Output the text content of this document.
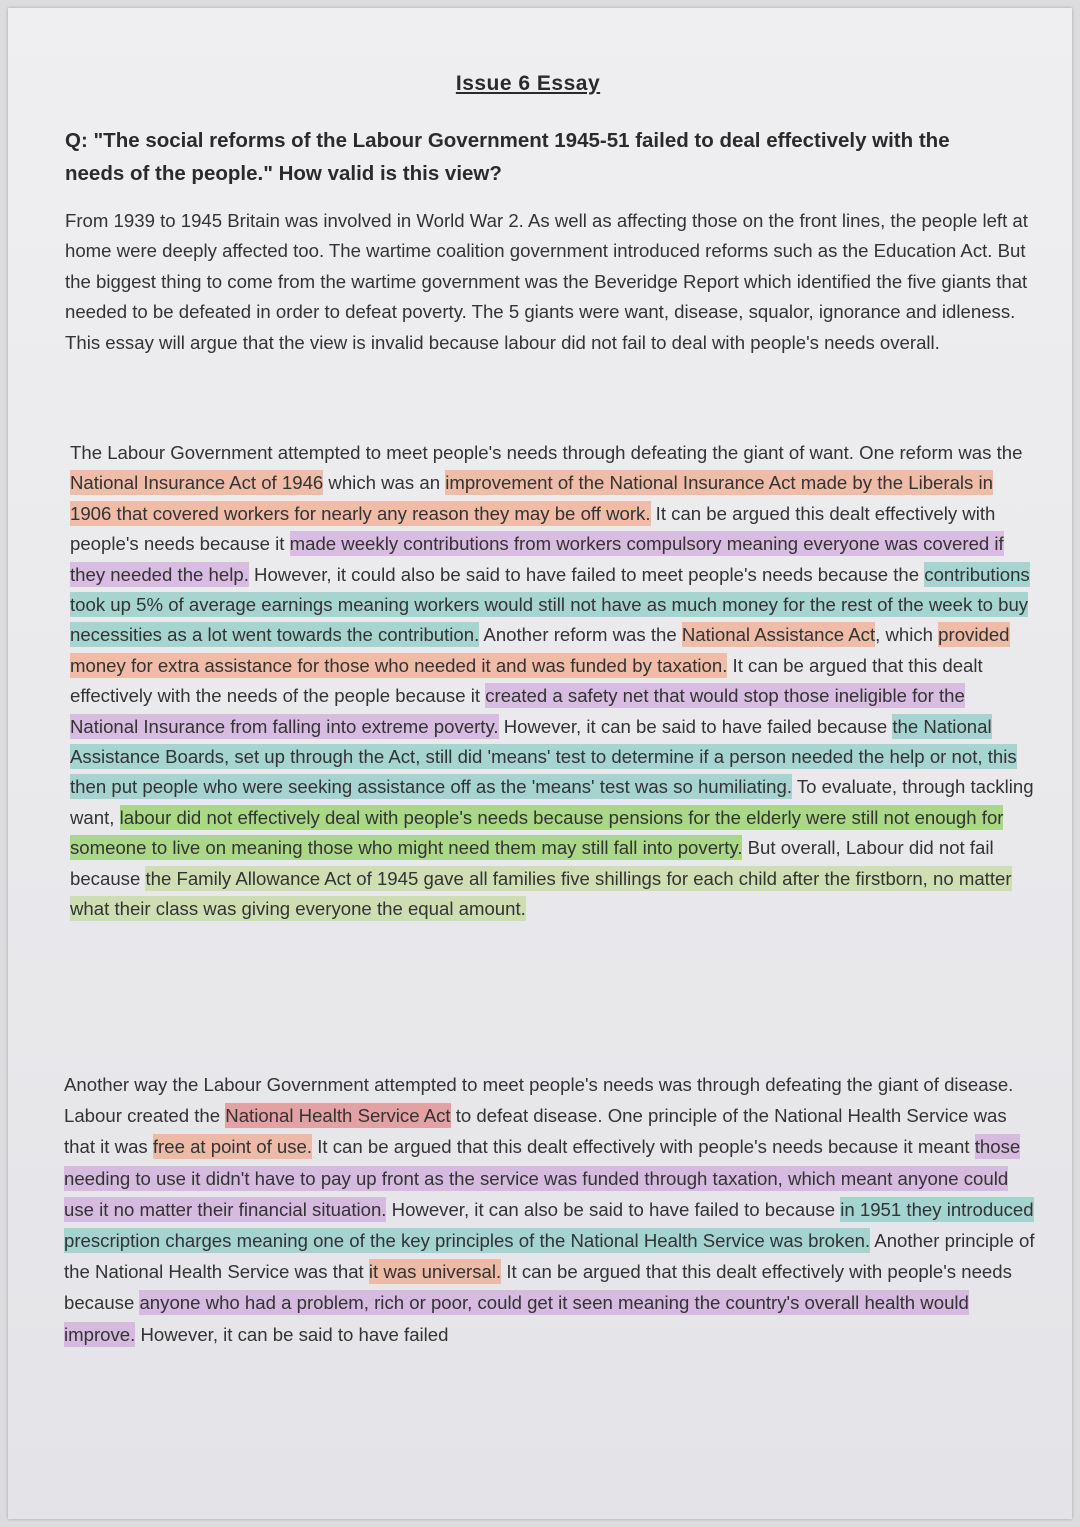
Issue 6 Essay
Q: "The social reforms of the Labour Government 1945-51 failed to deal effectively with the needs of the people." How valid is this view?
From 1939 to 1945 Britain was involved in World War 2. As well as affecting those on the front lines, the people left at home were deeply affected too. The wartime coalition government introduced reforms such as the Education Act. But the biggest thing to come from the wartime government was the Beveridge Report which identified the five giants that needed to be defeated in order to defeat poverty. The 5 giants were want, disease, squalor, ignorance and idleness. This essay will argue that the view is invalid because labour did not fail to deal with people's needs overall.
The Labour Government attempted to meet people's needs through defeating the giant of want. One reform was the National Insurance Act of 1946 which was an improvement of the National Insurance Act made by the Liberals in 1906 that covered workers for nearly any reason they may be off work. It can be argued this dealt effectively with people's needs because it made weekly contributions from workers compulsory meaning everyone was covered if they needed the help. However, it could also be said to have failed to meet people's needs because the contributions took up 5% of average earnings meaning workers would still not have as much money for the rest of the week to buy necessities as a lot went towards the contribution. Another reform was the National Assistance Act, which provided money for extra assistance for those who needed it and was funded by taxation. It can be argued that this dealt effectively with the needs of the people because it created a safety net that would stop those ineligible for the National Insurance from falling into extreme poverty. However, it can be said to have failed because the National Assistance Boards, set up through the Act, still did 'means' test to determine if a person needed the help or not, this then put people who were seeking assistance off as the 'means' test was so humiliating. To evaluate, through tackling want, labour did not effectively deal with people's needs because pensions for the elderly were still not enough for someone to live on meaning those who might need them may still fall into poverty. But overall, Labour did not fail because the Family Allowance Act of 1945 gave all families five shillings for each child after the firstborn, no matter what their class was giving everyone the equal amount.
Another way the Labour Government attempted to meet people's needs was through defeating the giant of disease. Labour created the National Health Service Act to defeat disease. One principle of the National Health Service was that it was free at point of use. It can be argued that this dealt effectively with people's needs because it meant those needing to use it didn't have to pay up front as the service was funded through taxation, which meant anyone could use it no matter their financial situation. However, it can also be said to have failed to because in 1951 they introduced prescription charges meaning one of the key principles of the National Health Service was broken. Another principle of the National Health Service was that it was universal. It can be argued that this dealt effectively with people's needs because anyone who had a problem, rich or poor, could get it seen meaning the country's overall health would improve. However, it can be said to have failed
